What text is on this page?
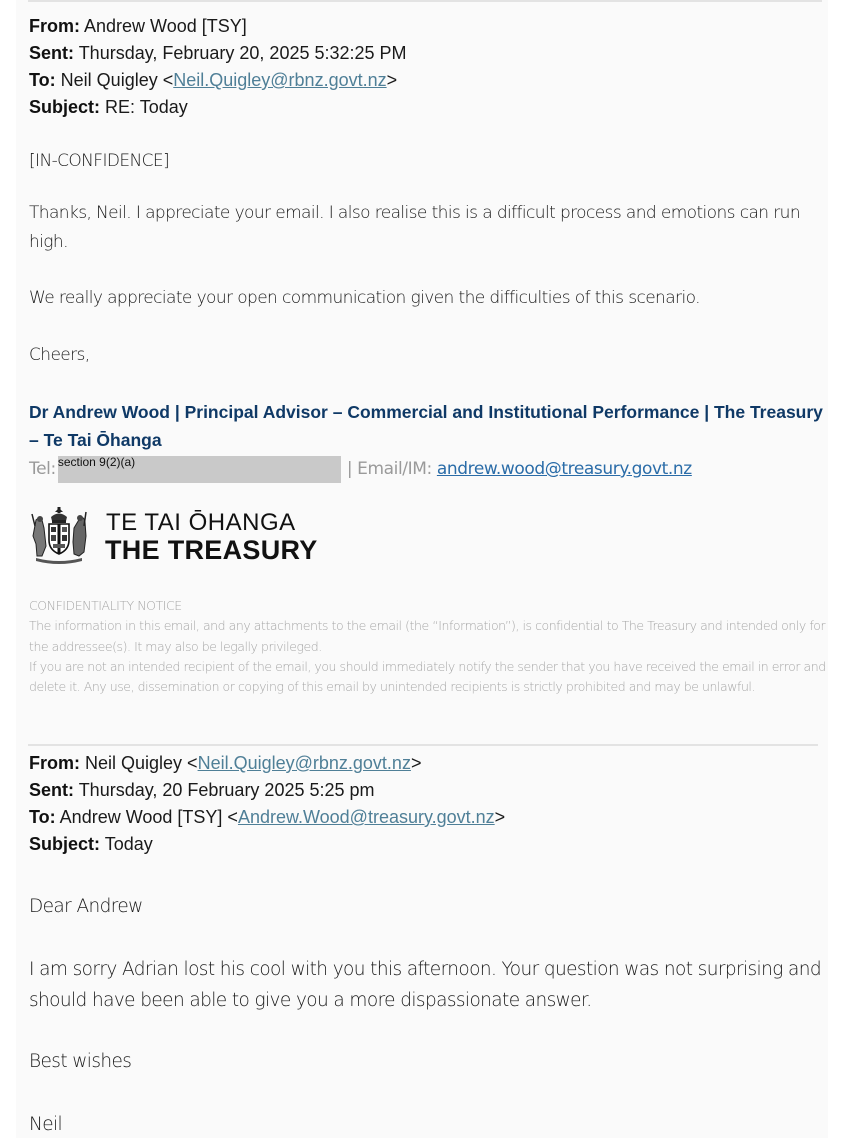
From: Andrew Wood [TSY]
Sent: Thursday, February 20, 2025 5:32:25 PM
To: Neil Quigley <Neil.Quigley@rbnz.govt.nz>
Subject: RE: Today
[IN-CONFIDENCE]
Thanks, Neil. I appreciate your email. I also realise this is a difficult process and emotions can run high.
We really appreciate your open communication given the difficulties of this scenario.
Cheers,
Dr Andrew Wood | Principal Advisor – Commercial and Institutional Performance | The Treasury – Te Tai Ōhanga
Tel: section 9(2)(a)	| Email/IM: andrew.wood@treasury.govt.nz
TE TAI ŌHANGA
THE TREASURY

CONFIDENTIALITY NOTICE

The information in this email, and any attachments to the email (the “Information”), is confidential to The Treasury and intended only for the addressee(s). It may also be legally privileged.

If you are not an intended recipient of the email, you should immediately notify the sender that you have received the email in error and delete it. Any use, dissemination or copying of this email by unintended recipients is strictly prohibited and may be unlawful.

From: Neil Quigley <Neil.Quigley@rbnz.govt.nz>
Sent: Thursday, 20 February 2025 5:25 pm
To: Andrew Wood [TSY] <Andrew.Wood@treasury.govt.nz>
Subject: Today
Dear Andrew
I am sorry Adrian lost his cool with you this afternoon. Your question was not surprising and should have been able to give you a more dispassionate answer.
Best wishes
Neil
